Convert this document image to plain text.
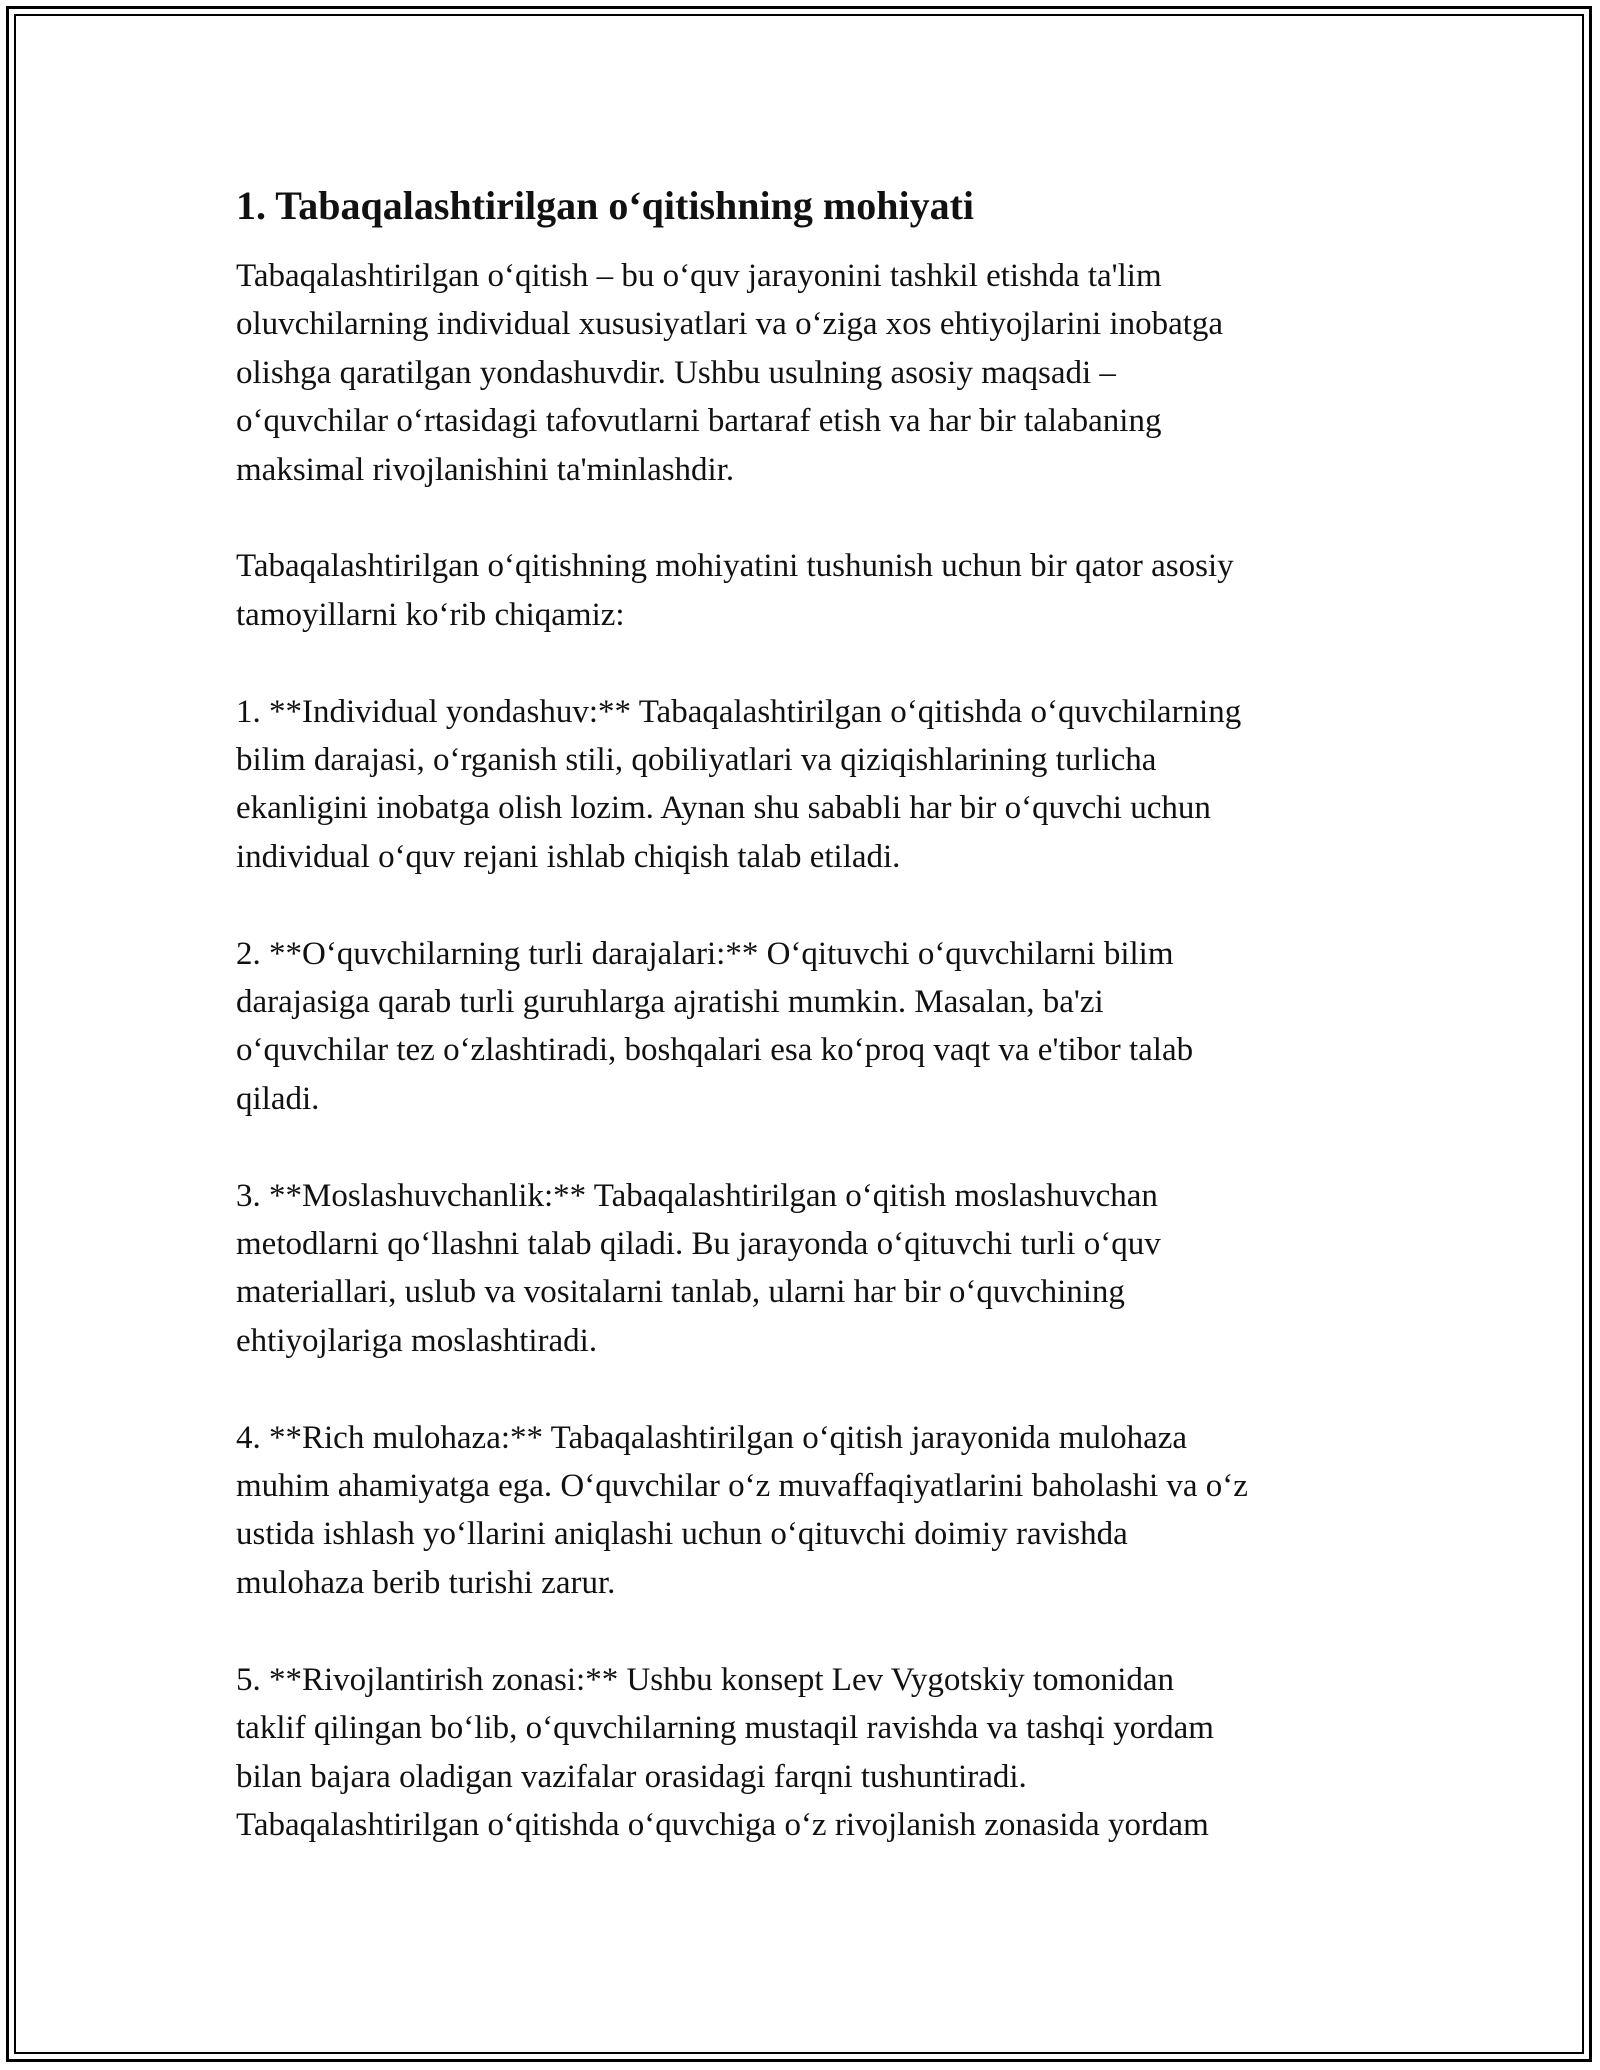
1. Tabaqalashtirilgan o‘qitishning mohiyati

Tabaqalashtirilgan o‘qitish – bu o‘quv jarayonini tashkil etishda ta'lim
oluvchilarning individual xususiyatlari va o‘ziga xos ehtiyojlarini inobatga
olishga qaratilgan yondashuvdir. Ushbu usulning asosiy maqsadi –
o‘quvchilar o‘rtasidagi tafovutlarni bartaraf etish va har bir talabaning
maksimal rivojlanishini ta'minlashdir.

Tabaqalashtirilgan o‘qitishning mohiyatini tushunish uchun bir qator asosiy
tamoyillarni ko‘rib chiqamiz:

1. **Individual yondashuv:** Tabaqalashtirilgan o‘qitishda o‘quvchilarning
bilim darajasi, o‘rganish stili, qobiliyatlari va qiziqishlarining turlicha
ekanligini inobatga olish lozim. Aynan shu sababli har bir o‘quvchi uchun
individual o‘quv rejani ishlab chiqish talab etiladi.

2. **O‘quvchilarning turli darajalari:** O‘qituvchi o‘quvchilarni bilim
darajasiga qarab turli guruhlarga ajratishi mumkin. Masalan, ba'zi
o‘quvchilar tez o‘zlashtiradi, boshqalari esa ko‘proq vaqt va e'tibor talab
qiladi.

3. **Moslashuvchanlik:** Tabaqalashtirilgan o‘qitish moslashuvchan
metodlarni qo‘llashni talab qiladi. Bu jarayonda o‘qituvchi turli o‘quv
materiallari, uslub va vositalarni tanlab, ularni har bir o‘quvchining
ehtiyojlariga moslashtiradi.

4. **Rich mulohaza:** Tabaqalashtirilgan o‘qitish jarayonida mulohaza
muhim ahamiyatga ega. O‘quvchilar o‘z muvaffaqiyatlarini baholashi va o‘z
ustida ishlash yo‘llarini aniqlashi uchun o‘qituvchi doimiy ravishda
mulohaza berib turishi zarur.

5. **Rivojlantirish zonasi:** Ushbu konsept Lev Vygotskiy tomonidan
taklif qilingan bo‘lib, o‘quvchilarning mustaqil ravishda va tashqi yordam
bilan bajara oladigan vazifalar orasidagi farqni tushuntiradi.
Tabaqalashtirilgan o‘qitishda o‘quvchiga o‘z rivojlanish zonasida yordam
